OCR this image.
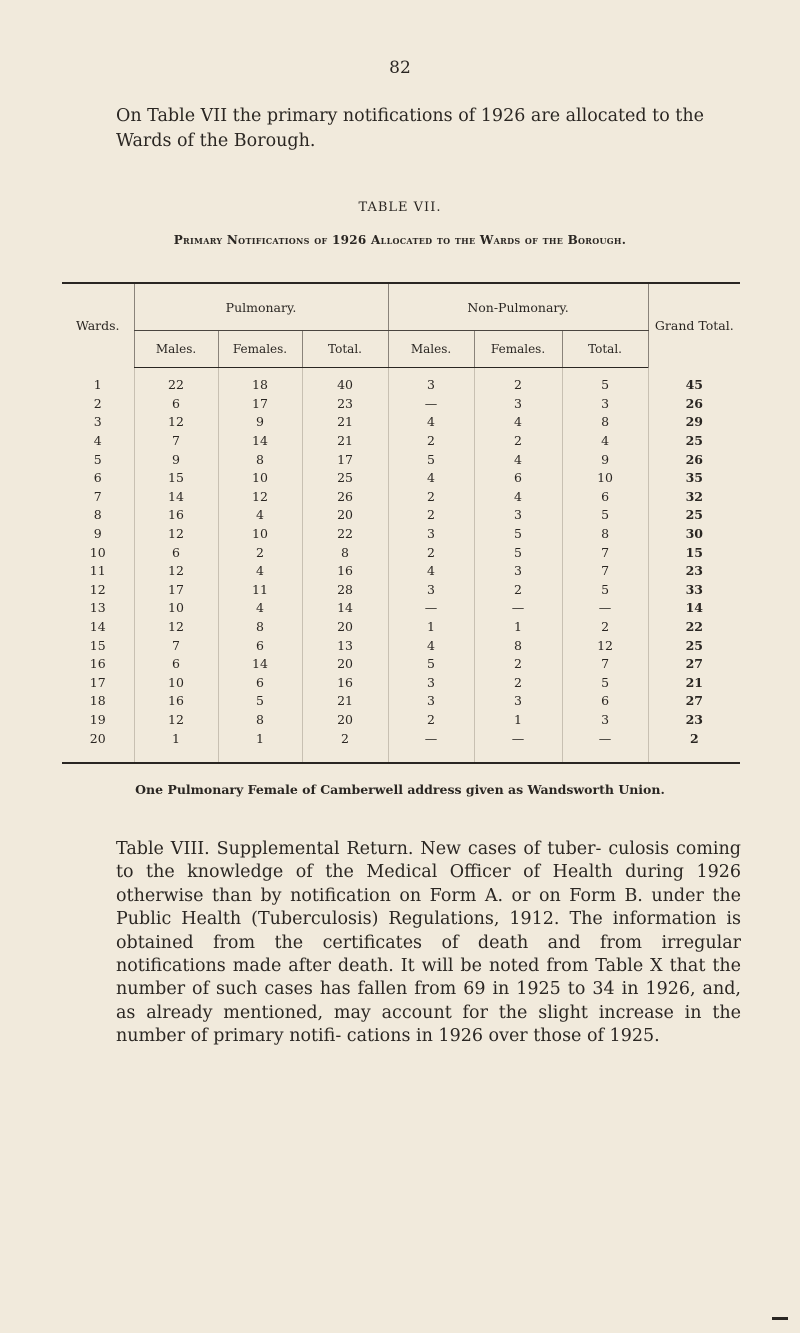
82

On Table VII the primary notifications of 1926 are allocated to the Wards of the Borough.

TABLE VII.
Primary Notifications of 1926 Allocated to the Wards of the Borough.
Wards.	Pulmonary.			Non-Pulmonary.			Grand Total.
	Males.	Females.	Total.	Males.	Females.	Total.	
1	22	18	40	3	2	5	45
2	6	17	23	—	3	3	26
3	12	9	21	4	4	8	29
4	7	14	21	2	2	4	25
5	9	8	17	5	4	9	26
6	15	10	25	4	6	10	35
7	14	12	26	2	4	6	32
8	16	4	20	2	3	5	25
9	12	10	22	3	5	8	30
10	6	2	8	2	5	7	15
11	12	4	16	4	3	7	23
12	17	11	28	3	2	5	33
13	10	4	14	—	—	—	14
14	12	8	20	1	1	2	22
15	7	6	13	4	8	12	25
16	6	14	20	5	2	7	27
17	10	6	16	3	2	5	21
18	16	5	21	3	3	6	27
19	12	8	20	2	1	3	23
20	1	1	2	—	—	—	2
One Pulmonary Female of Camberwell address given as Wandsworth Union.

Table VIII. Supplemental Return. New cases of tuber- culosis coming to the knowledge of the Medical Officer of Health during 1926 otherwise than by notification on Form A. or on Form B. under the Public Health (Tuberculosis) Regulations, 1912. The information is obtained from the certificates of death and from irregular notifications made after death. It will be noted from Table X that the number of such cases has fallen from 69 in 1925 to 34 in 1926, and, as already mentioned, may account for the slight increase in the number of primary notifi- cations in 1926 over those of 1925.
